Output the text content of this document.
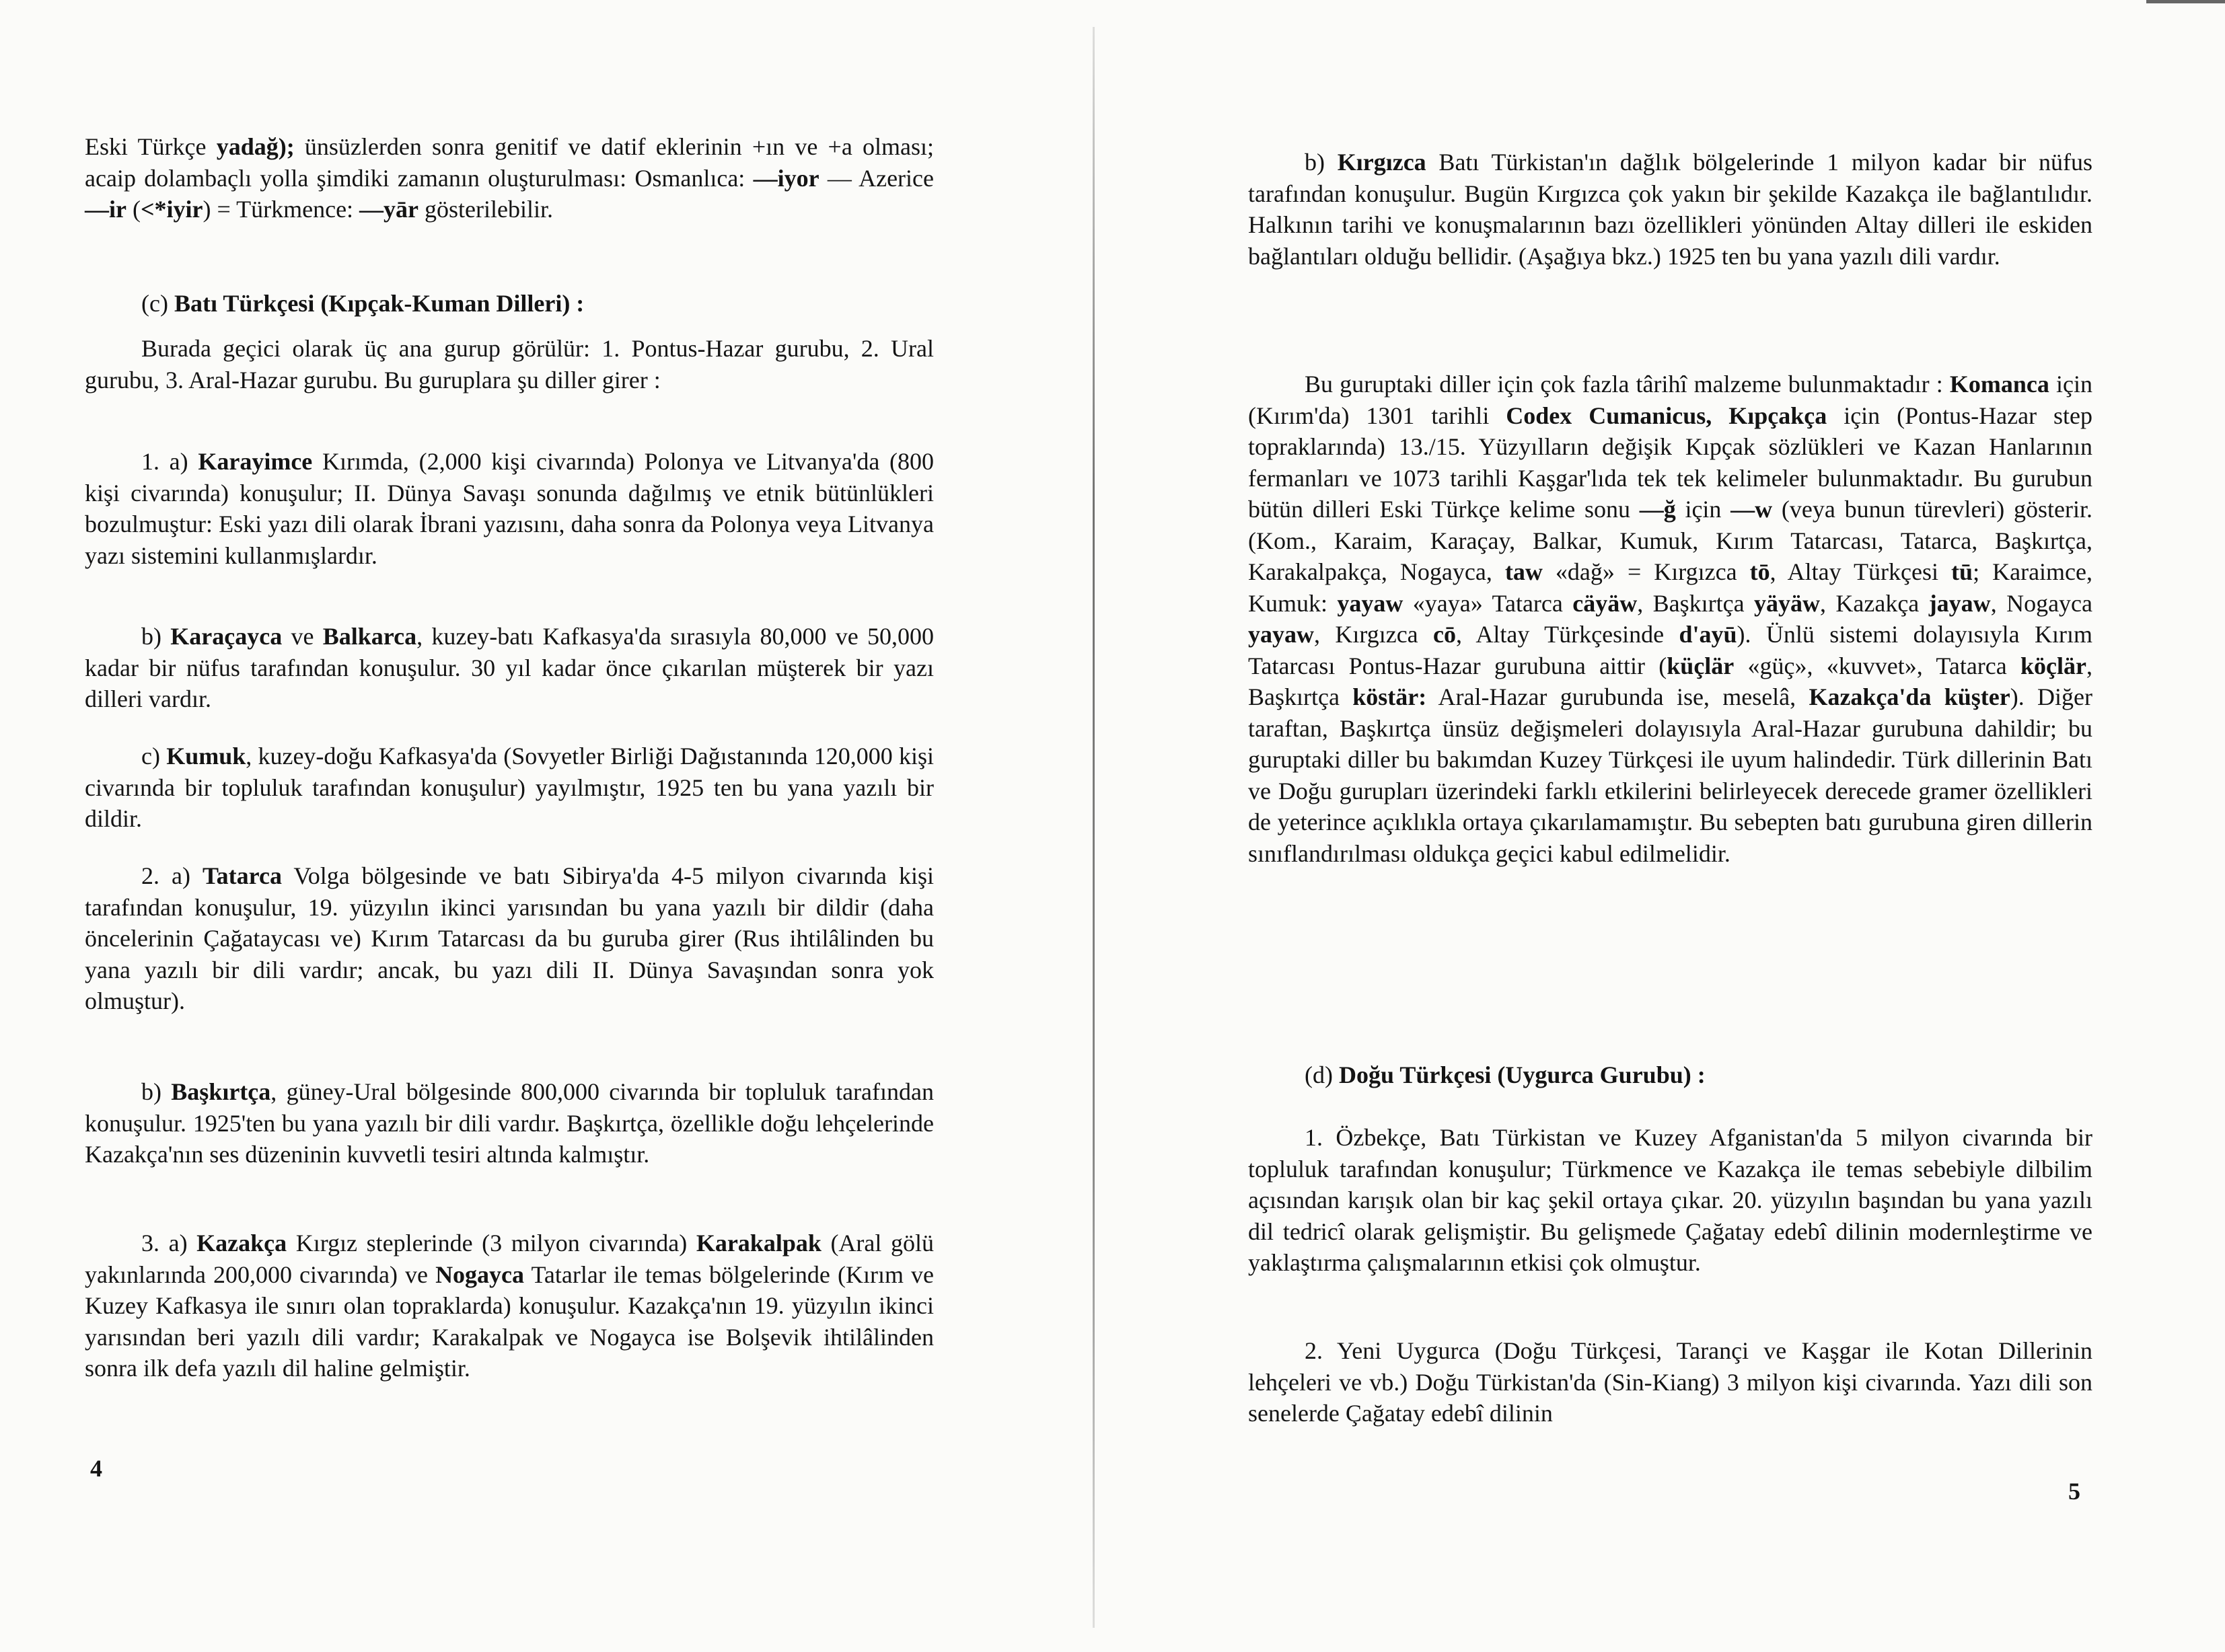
Eski Türkçe yadağ); ünsüzlerden sonra genitif ve datif eklerinin +ın ve +a olması; acaip dolambaçlı yolla şimdiki zamanın oluşturulması: Osmanlıca: —iyor — Azerice —ir (<*iyir) = Türkmence: —yār gösterilebilir.

(c) Batı Türkçesi (Kıpçak-Kuman Dilleri) :

Burada geçici olarak üç ana gurup görülür: 1. Pontus-Hazar gurubu, 2. Ural gurubu, 3. Aral-Hazar gurubu. Bu guruplara şu diller girer :

1. a) Karayimce Kırımda, (2,000 kişi civarında) Polonya ve Litvanya'da (800 kişi civarında) konuşulur; II. Dünya Savaşı sonunda dağılmış ve etnik bütünlükleri bozulmuştur: Eski yazı dili olarak İbrani yazısını, daha sonra da Polonya veya Litvanya yazı sistemini kullanmışlardır.

b) Karaçayca ve Balkarca, kuzey-batı Kafkasya'da sırasıyla 80,000 ve 50,000 kadar bir nüfus tarafından konuşulur. 30 yıl kadar önce çıkarılan müşterek bir yazı dilleri vardır.

c) Kumuk, kuzey-doğu Kafkasya'da (Sovyetler Birliği Dağıstanında 120,000 kişi civarında bir topluluk tarafından konuşulur) yayılmıştır, 1925 ten bu yana yazılı bir dildir.

2. a) Tatarca Volga bölgesinde ve batı Sibirya'da 4-5 milyon civarında kişi tarafından konuşulur, 19. yüzyılın ikinci yarısından bu yana yazılı bir dildir (daha öncelerinin Çağataycası ve) Kırım Tatarcası da bu guruba girer (Rus ihtilâlinden bu yana yazılı bir dili vardır; ancak, bu yazı dili II. Dünya Savaşından sonra yok olmuştur).

b) Başkırtça, güney-Ural bölgesinde 800,000 civarında bir topluluk tarafından konuşulur. 1925'ten bu yana yazılı bir dili vardır. Başkırtça, özellikle doğu lehçelerinde Kazakça'nın ses düzeninin kuvvetli tesiri altında kalmıştır.

3. a) Kazakça Kırgız steplerinde (3 milyon civarında) Karakalpak (Aral gölü yakınlarında 200,000 civarında) ve Nogayca Tatarlar ile temas bölgelerinde (Kırım ve Kuzey Kafkasya ile sınırı olan topraklarda) konuşulur. Kazakça'nın 19. yüzyılın ikinci yarısından beri yazılı dili vardır; Karakalpak ve Nogayca ise Bolşevik ihtilâlinden sonra ilk defa yazılı dil haline gelmiştir.

4

b) Kırgızca Batı Türkistan'ın dağlık bölgelerinde 1 milyon kadar bir nüfus tarafından konuşulur. Bugün Kırgızca çok yakın bir şekilde Kazakça ile bağlantılıdır. Halkının tarihi ve konuşmalarının bazı özellikleri yönünden Altay dilleri ile eskiden bağlantıları olduğu bellidir. (Aşağıya bkz.) 1925 ten bu yana yazılı dili vardır.

Bu guruptaki diller için çok fazla târihî malzeme bulunmaktadır : Komanca için (Kırım'da) 1301 tarihli Codex Cumanicus, Kıpçakça için (Pontus-Hazar step topraklarında) 13./15. Yüzyılların değişik Kıpçak sözlükleri ve Kazan Hanlarının fermanları ve 1073 tarihli Kaşgar'lıda tek tek kelimeler bulunmaktadır. Bu gurubun bütün dilleri Eski Türkçe kelime sonu —ğ için —w (veya bunun türevleri) gösterir. (Kom., Karaim, Karaçay, Balkar, Kumuk, Kırım Tatarcası, Tatarca, Başkırtça, Karakalpakça, Nogayca, taw «dağ» = Kırgızca tō, Altay Türkçesi tū; Karaimce, Kumuk: yayaw «yaya» Tatarca cäyäw, Başkırtça yäyäw, Kazakça jayaw, Nogayca yayaw, Kırgızca cō, Altay Türkçesinde d'ayū). Ünlü sistemi dolayısıyla Kırım Tatarcası Pontus-Hazar gurubuna aittir (küçlär «güç», «kuvvet», Tatarca köçlär, Başkırtça köstär: Aral-Hazar gurubunda ise, meselâ, Kazakça'da küşter). Diğer taraftan, Başkırtça ünsüz değişmeleri dolayısıyla Aral-Hazar gurubuna dahildir; bu guruptaki diller bu bakımdan Kuzey Türkçesi ile uyum halindedir. Türk dillerinin Batı ve Doğu gurupları üzerindeki farklı etkilerini belirleyecek derecede gramer özellikleri de yeterince açıklıkla ortaya çıkarılamamıştır. Bu sebepten batı gurubuna giren dillerin sınıflandırılması oldukça geçici kabul edilmelidir.

(d) Doğu Türkçesi (Uygurca Gurubu) :

1. Özbekçe, Batı Türkistan ve Kuzey Afganistan'da 5 milyon civarında bir topluluk tarafından konuşulur; Türkmence ve Kazakça ile temas sebebiyle dilbilim açısından karışık olan bir kaç şekil ortaya çıkar. 20. yüzyılın başından bu yana yazılı dil tedricî olarak gelişmiştir. Bu gelişmede Çağatay edebî dilinin modernleştirme ve yaklaştırma çalışmalarının etkisi çok olmuştur.

2. Yeni Uygurca (Doğu Türkçesi, Tarançi ve Kaşgar ile Kotan Dillerinin lehçeleri ve vb.) Doğu Türkistan'da (Sin-Kiang) 3 milyon kişi civarında. Yazı dili son senelerde Çağatay edebî dilinin

5
